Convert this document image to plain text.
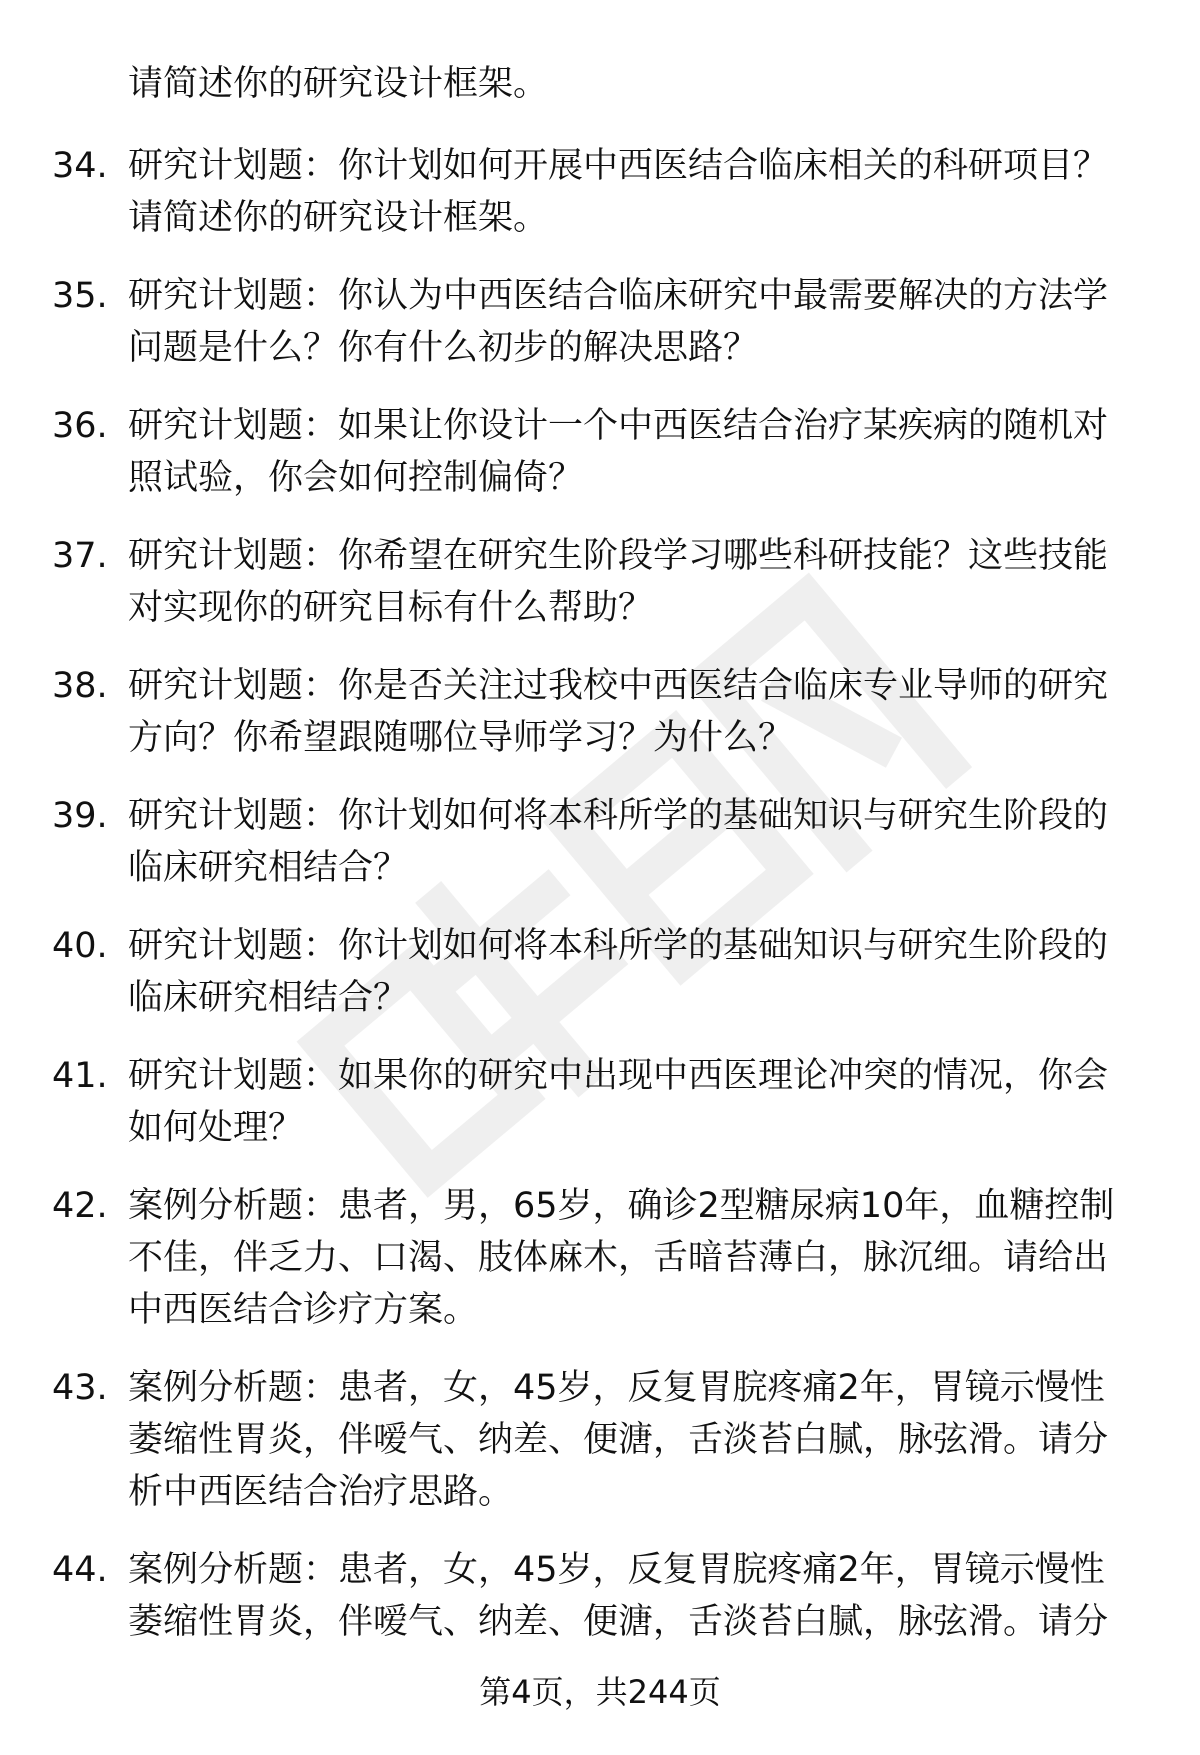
请简述你的研究设计框架。
34. 研究计划题：你计划如何开展中西医结合临床相关的科研项目？
请简述你的研究设计框架。
35. 研究计划题：你认为中西医结合临床研究中最需要解决的方法学
问题是什么？你有什么初步的解决思路？
36. 研究计划题：如果让你设计一个中西医结合治疗某疾病的随机对
照试验，你会如何控制偏倚？
37. 研究计划题：你希望在研究生阶段学习哪些科研技能？这些技能
对实现你的研究目标有什么帮助？
38. 研究计划题：你是否关注过我校中西医结合临床专业导师的研究
方向？你希望跟随哪位导师学习？为什么？
39. 研究计划题：你计划如何将本科所学的基础知识与研究生阶段的
临床研究相结合？
40. 研究计划题：你计划如何将本科所学的基础知识与研究生阶段的
临床研究相结合？
41. 研究计划题：如果你的研究中出现中西医理论冲突的情况，你会
如何处理？
42. 案例分析题：患者，男，65岁，确诊2型糖尿病10年，血糖控制
不佳，伴乏力、口渴、肢体麻木，舌暗苔薄白，脉沉细。请给出
中西医结合诊疗方案。
43. 案例分析题：患者，女，45岁，反复胃脘疼痛2年，胃镜示慢性
萎缩性胃炎，伴嗳气、纳差、便溏，舌淡苔白腻，脉弦滑。请分
析中西医结合治疗思路。
44. 案例分析题：患者，女，45岁，反复胃脘疼痛2年，胃镜示慢性
萎缩性胃炎，伴嗳气、纳差、便溏，舌淡苔白腻，脉弦滑。请分
第4页，共244页
